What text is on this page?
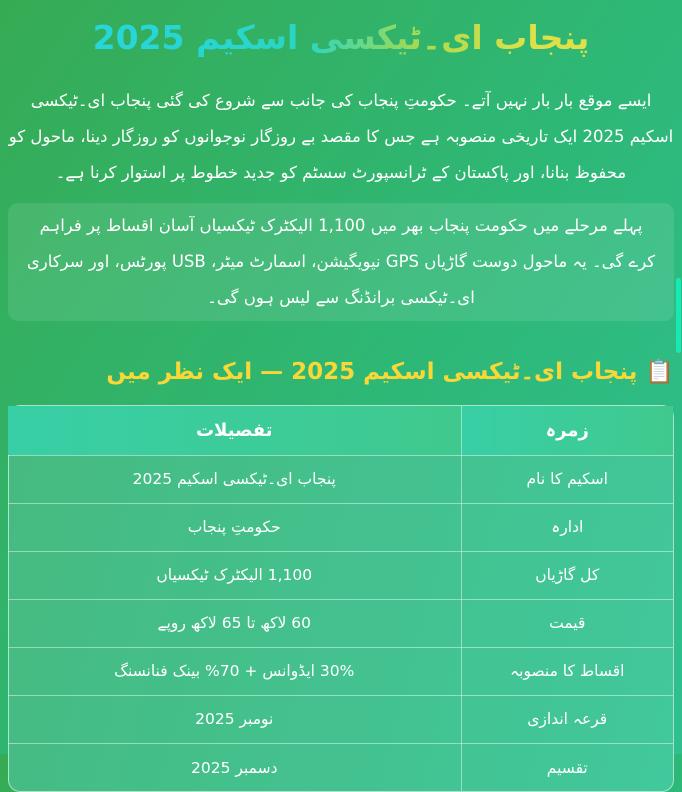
پنجاب ای۔ٹیکسی اسکیم 2025

ایسے موقع بار بار نہیں آتے۔ حکومتِ پنجاب کی جانب سے شروع کی گئی پنجاب ای۔ٹیکسی اسکیم 2025 ایک تاریخی منصوبہ ہے جس کا مقصد بے روزگار نوجوانوں کو روزگار دینا، ماحول کو محفوظ بنانا، اور پاکستان کے ٹرانسپورٹ سسٹم کو جدید خطوط پر استوار کرنا ہے۔

پہلے مرحلے میں حکومت پنجاب بھر میں 1,100 الیکٹرک ٹیکسیاں آسان اقساط پر فراہم کرے گی۔ یہ ماحول دوست گاڑیاں GPS نیویگیشن، اسمارٹ میٹر، USB پورٹس، اور سرکاری ای۔ٹیکسی برانڈنگ سے لیس ہوں گی۔

📋پنجاب ای۔ٹیکسی اسکیم 2025 — ایک نظر میں
زمرہ	تفصیلات
اسکیم کا نام	پنجاب ای۔ٹیکسی اسکیم 2025
ادارہ	حکومتِ پنجاب
کل گاڑیاں	1,100 الیکٹرک ٹیکسیاں
قیمت	60 لاکھ تا 65 لاکھ روپے
اقساط کا منصوبہ	30% ایڈوانس + 70% بینک فنانسنگ
قرعہ اندازی	نومبر 2025
تقسیم	دسمبر 2025
